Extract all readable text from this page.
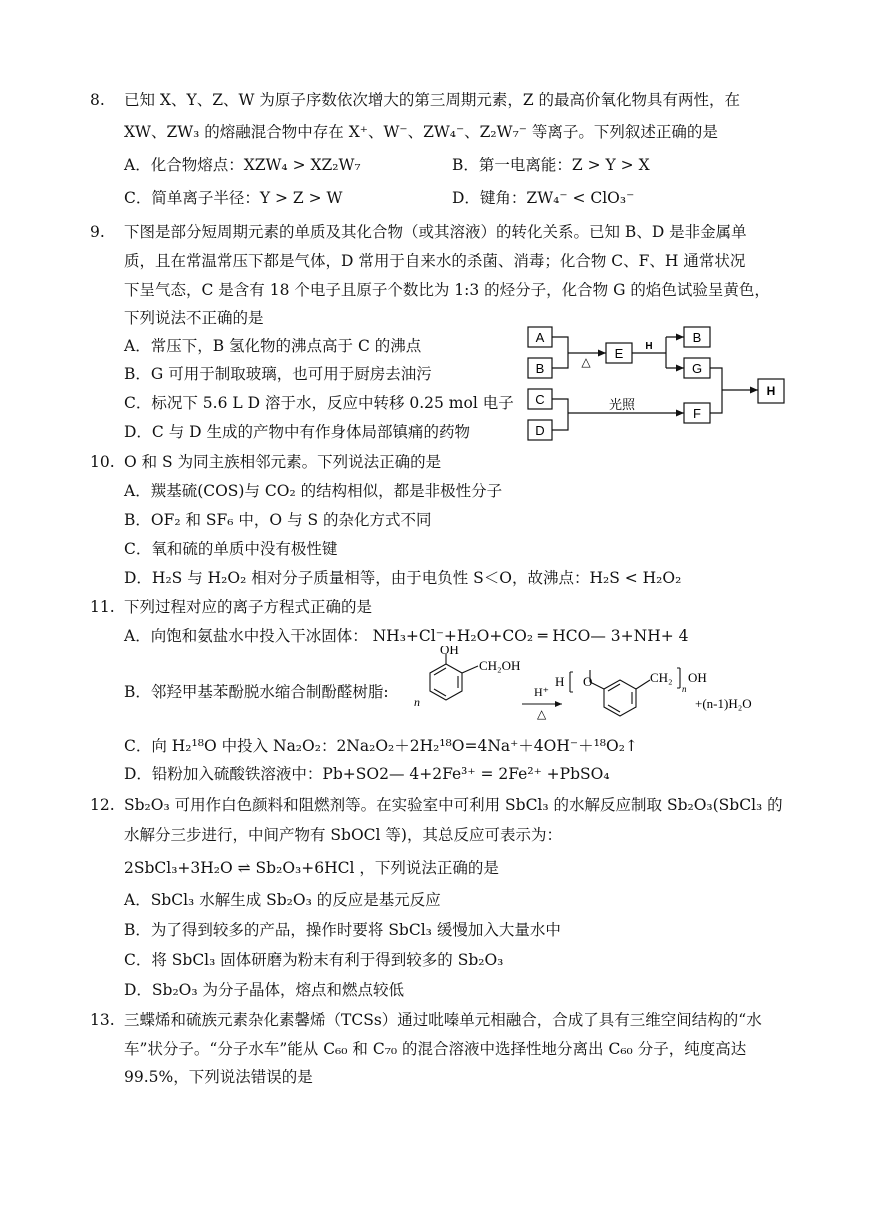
8. 已知 X、Y、Z、W 为原子序数依次增大的第三周期元素，Z 的最高价氧化物具有两性，在
XW、ZW₃ 的熔融混合物中存在 X⁺、W⁻、ZW₄⁻、Z₂W₇⁻ 等离子。下列叙述正确的是
A．化合物熔点：XZW₄ > XZ₂W₇	B．第一电离能：Z > Y > X
C．简单离子半径：Y > Z > W	D．键角：ZW₄⁻ < ClO₃⁻
9. 下图是部分短周期元素的单质及其化合物（或其溶液）的转化关系。已知 B、D 是非金属单
质，且在常温常压下都是气体，D 常用于自来水的杀菌、消毒；化合物 C、F、H 通常状况
下呈气态，C 是含有 18 个电子且原子个数比为 1:3 的烃分子，化合物 G 的焰色试验呈黄色，
下列说法不正确的是
A．常压下，B 氢化物的沸点高于 C 的沸点
B．G 可用于制取玻璃，也可用于厨房去油污
C．标况下 5.6 L D 溶于水，反应中转移 0.25 mol 电子
D．C 与 D 生成的产物中有作身体局部镇痛的药物
A
B
C
D
E
B
G
F
H
△
H
光照
10. O 和 S 为同主族相邻元素。下列说法正确的是
A．羰基硫(COS)与 CO₂ 的结构相似，都是非极性分子
B．OF₂ 和 SF₆ 中，O 与 S 的杂化方式不同
C．氧和硫的单质中没有极性键
D．H₂S 与 H₂O₂ 相对分子质量相等，由于电负性 S＜O，故沸点：H₂S < H₂O₂
11. 下列过程对应的离子方程式正确的是
A．向饱和氨盐水中投入干冰固体： NH₃+Cl⁻+H₂O+CO₂ ═ HCO— 3+NH+ 4
B．邻羟甲基苯酚脱水缩合制酚醛树脂:
OH
CH₂OH
n
H⁺
△
H O	CH₂
n
OH
+(n-1)H₂O
C．向 H₂¹⁸O 中投入 Na₂O₂：2Na₂O₂＋2H₂¹⁸O=4Na⁺＋4OH⁻＋¹⁸O₂↑
D．铅粉加入硫酸铁溶液中：Pb+SO2— 4+2Fe³⁺ = 2Fe²⁺ +PbSO₄
12. Sb₂O₃ 可用作白色颜料和阻燃剂等。在实验室中可利用 SbCl₃ 的水解反应制取 Sb₂O₃(SbCl₃ 的
水解分三步进行，中间产物有 SbOCl 等)，其总反应可表示为：
2SbCl₃+3H₂O ⇌ Sb₂O₃+6HCl ，下列说法正确的是
A．SbCl₃ 水解生成 Sb₂O₃ 的反应是基元反应
B．为了得到较多的产品，操作时要将 SbCl₃ 缓慢加入大量水中
C．将 SbCl₃ 固体研磨为粉末有利于得到较多的 Sb₂O₃
D．Sb₂O₃ 为分子晶体，熔点和燃点较低
13. 三蝶烯和硫族元素杂化素馨烯（TCSs）通过吡嗪单元相融合，合成了具有三维空间结构的“水
车”状分子。“分子水车”能从 C₆₀ 和 C₇₀ 的混合溶液中选择性地分离出 C₆₀ 分子，纯度高达
99.5%，下列说法错误的是
